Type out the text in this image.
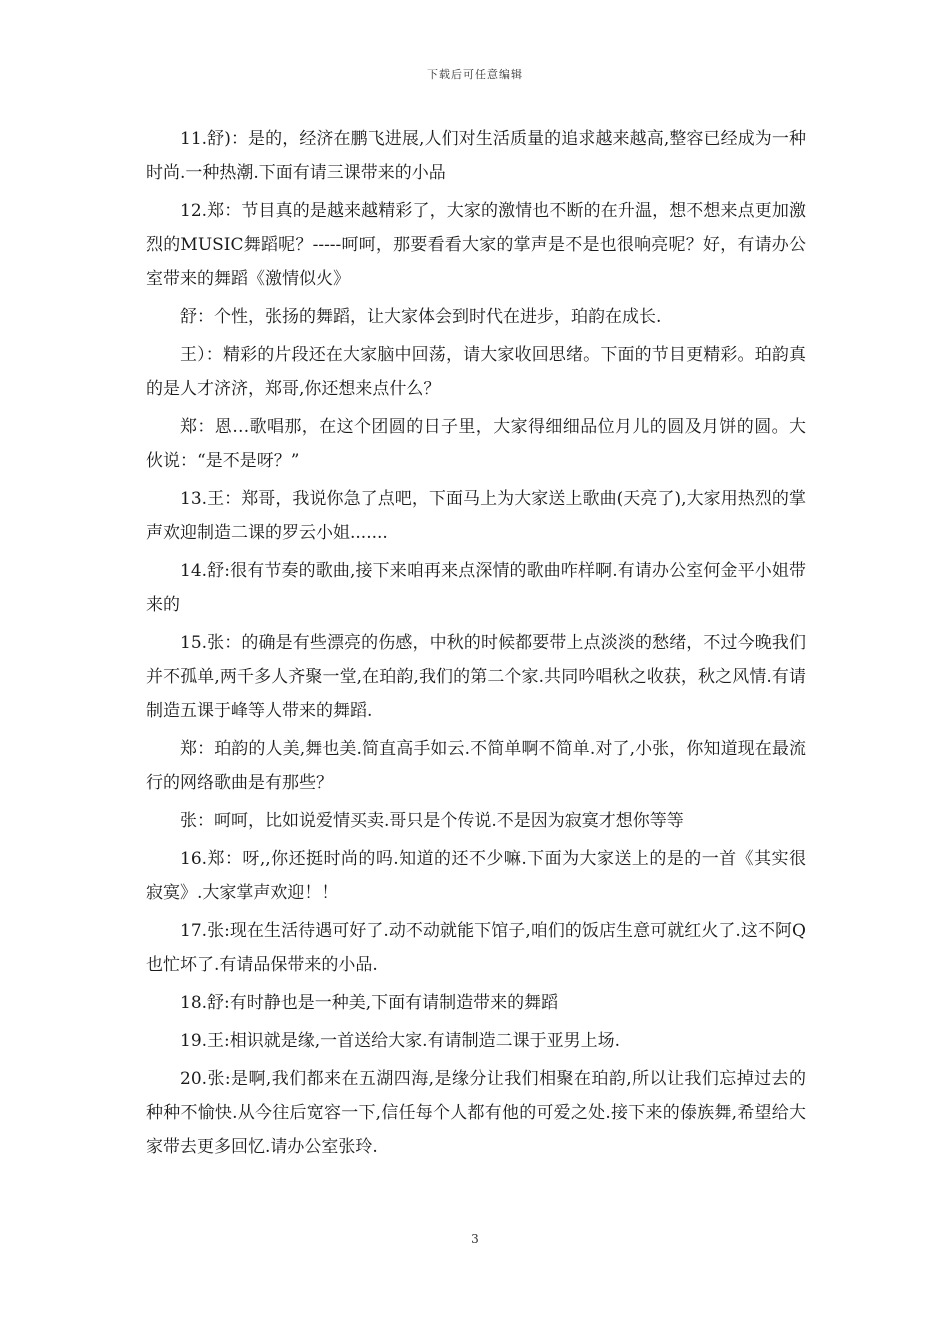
下载后可任意编辑

11.舒)：是的，经济在鹏飞进展,人们对生活质量的追求越来越高,整容已经成为一种时尚.一种热潮.下面有请三课带来的小品

12.郑：节目真的是越来越精彩了，大家的激情也不断的在升温，想不想来点更加激烈的MUSIC舞蹈呢？-----呵呵，那要看看大家的掌声是不是也很响亮呢？好，有请办公室带来的舞蹈《激情似火》

舒：个性，张扬的舞蹈，让大家体会到时代在进步，珀韵在成长.

王）：精彩的片段还在大家脑中回荡，请大家收回思绪。下面的节目更精彩。珀韵真的是人才济济，郑哥,你还想来点什么？

郑：恩…歌唱那，在这个团圆的日子里，大家得细细品位月儿的圆及月饼的圆。大伙说：“是不是呀？”

13.王：郑哥，我说你急了点吧，下面马上为大家送上歌曲(天亮了),大家用热烈的掌声欢迎制造二课的罗云小姐.......

14.舒:很有节奏的歌曲,接下来咱再来点深情的歌曲咋样啊.有请办公室何金平小姐带来的

15.张：的确是有些漂亮的伤感，中秋的时候都要带上点淡淡的愁绪，不过今晚我们并不孤单,两千多人齐聚一堂,在珀韵,我们的第二个家.共同吟唱秋之收获，秋之风情.有请制造五课于峰等人带来的舞蹈.

郑：珀韵的人美,舞也美.简直高手如云.不简单啊不简单.对了,小张，你知道现在最流行的网络歌曲是有那些？

张：呵呵，比如说爱情买卖.哥只是个传说.不是因为寂寞才想你等等

16.郑：呀,,你还挺时尚的吗.知道的还不少嘛.下面为大家送上的是的一首《其实很寂寞》.大家掌声欢迎！！

17.张:现在生活待遇可好了.动不动就能下馆子,咱们的饭店生意可就红火了.这不阿Q也忙坏了.有请品保带来的小品.

18.舒:有时静也是一种美,下面有请制造带来的舞蹈

19.王:相识就是缘,一首送给大家.有请制造二课于亚男上场.

20.张:是啊,我们都来在五湖四海,是缘分让我们相聚在珀韵,所以让我们忘掉过去的种种不愉快.从今往后宽容一下,信任每个人都有他的可爱之处.接下来的傣族舞,希望给大家带去更多回忆.请办公室张玲.

3
